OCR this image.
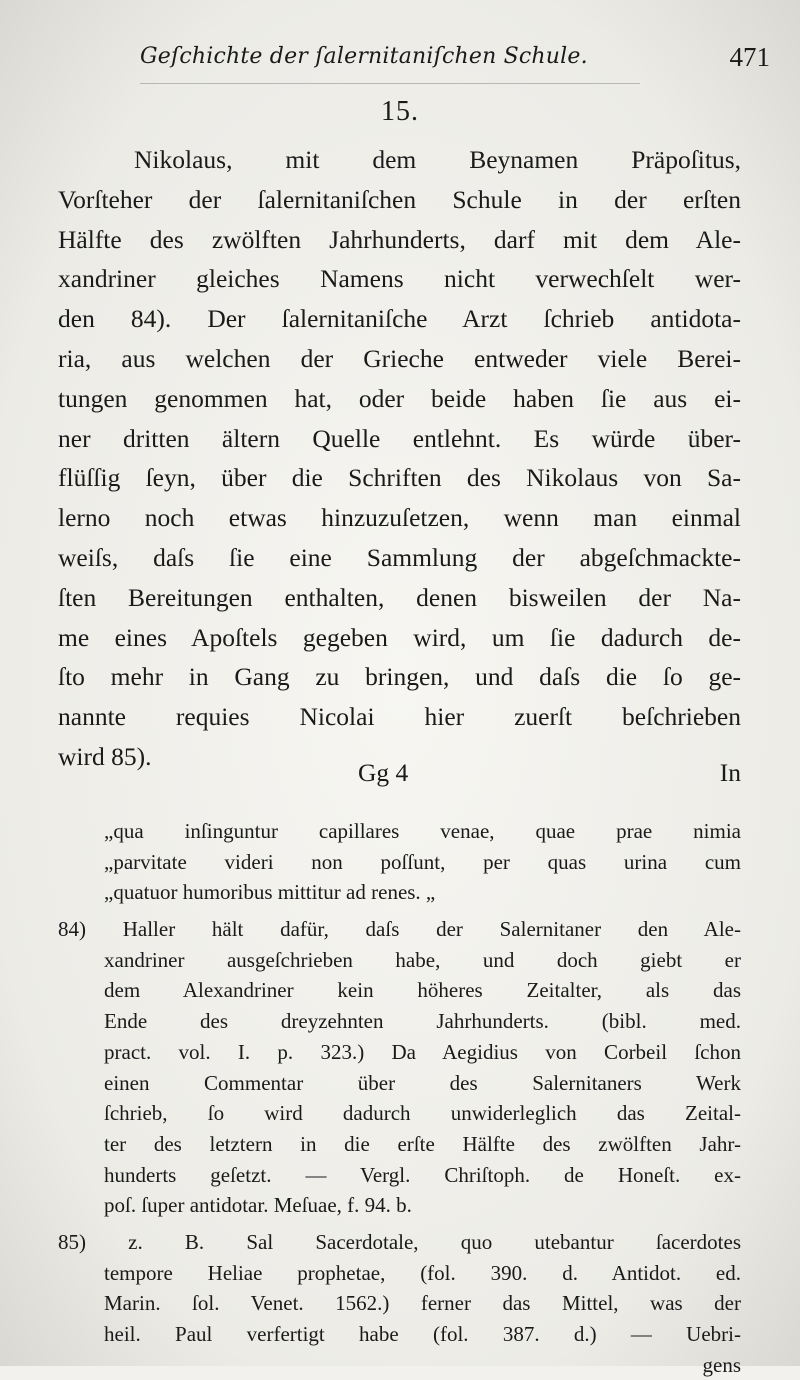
Geſchichte der ſalernitaniſchen Schule.	471
15.
Nikolaus, mit dem Beynamen Präpoſitus,
Vorſteher der ſalernitaniſchen Schule in der erſten
Hälfte des zwölften Jahrhunderts, darf mit dem Ale-
xandriner gleiches Namens nicht verwechſelt wer-
den 84). Der ſalernitaniſche Arzt ſchrieb antidota-
ria, aus welchen der Grieche entweder viele Berei-
tungen genommen hat, oder beide haben ſie aus ei-
ner dritten ältern Quelle entlehnt. Es würde über-
flüſſig ſeyn, über die Schriften des Nikolaus von Sa-
lerno noch etwas hinzuzuſetzen, wenn man einmal
weiſs, daſs ſie eine Sammlung der abgeſchmackte-
ſten Bereitungen enthalten, denen bisweilen der Na-
me eines Apoſtels gegeben wird, um ſie dadurch de-
ſto mehr in Gang zu bringen, und daſs die ſo ge-
nannte requies Nicolai hier zuerſt beſchrieben
wird 85).
Gg 4	In
„qua inſinguntur capillares venae, quae prae nimia
„parvitate videri non poſſunt, per quas urina cum
„quatuor humoribus mittitur ad renes. „
84) Haller hält dafür, daſs der Salernitaner den Ale-
xandriner ausgeſchrieben habe, und doch giebt er
dem Alexandriner kein höheres Zeitalter, als das
Ende des dreyzehnten Jahrhunderts. (bibl. med.
pract. vol. I. p. 323.) Da Aegidius von Corbeil ſchon
einen Commentar über des Salernitaners Werk
ſchrieb, ſo wird dadurch unwiderleglich das Zeital-
ter des letztern in die erſte Hälfte des zwölften Jahr-
hunderts geſetzt. — Vergl. Chriſtoph. de Honeſt. ex-
poſ. ſuper antidotar. Meſuae, f. 94. b.
85) z. B. Sal Sacerdotale, quo utebantur ſacerdotes
tempore Heliae prophetae, (fol. 390. d. Antidot. ed.
Marin. ſol. Venet. 1562.) ferner das Mittel, was der
heil. Paul verfertigt habe (fol. 387. d.) — Uebri-
gens
